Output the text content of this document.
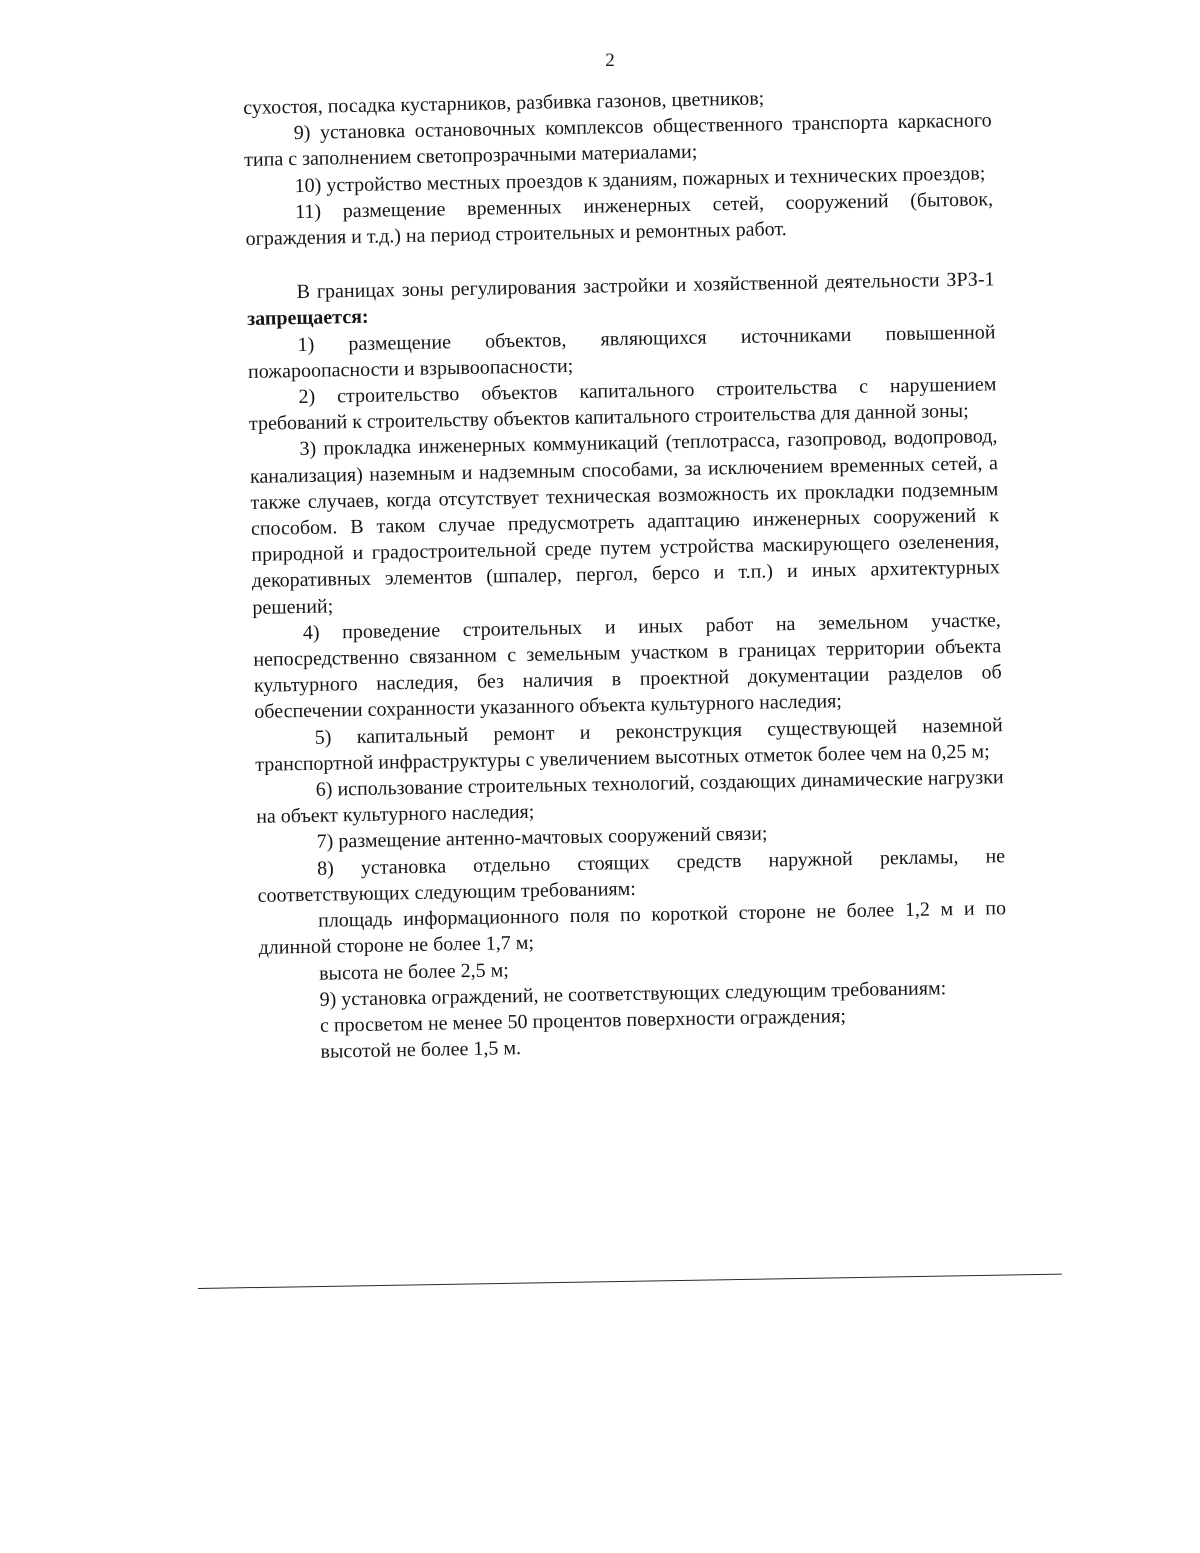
2

сухостоя, посадка кустарников, разбивка газонов, цветников;

9) установка остановочных комплексов общественного транспорта каркасного типа с заполнением светопрозрачными материалами;

10) устройство местных проездов к зданиям, пожарных и технических проездов;

11) размещение временных инженерных сетей, сооружений (бытовок, ограждения и т.д.) на период строительных и ремонтных работ.

В границах зоны регулирования застройки и хозяйственной деятельности ЗРЗ-1 запрещается:

1) размещение объектов, являющихся источниками повышенной пожароопасности и взрывоопасности;

2) строительство объектов капитального строительства с нарушением требований к строительству объектов капитального строительства для данной зоны;

3) прокладка инженерных коммуникаций (теплотрасса, газопровод, водопровод, канализация) наземным и надземным способами, за исключением временных сетей, а также случаев, когда отсутствует техническая возможность их прокладки подземным способом. В таком случае предусмотреть адаптацию инженерных сооружений к природной и градостроительной среде путем устройства маскирующего озеленения, декоративных элементов (шпалер, пергол, берсо и т.п.) и иных архитектурных решений;

4) проведение строительных и иных работ на земельном участке, непосредственно связанном с земельным участком в границах территории объекта культурного наследия, без наличия в проектной документации разделов об обеспечении сохранности указанного объекта культурного наследия;

5) капитальный ремонт и реконструкция существующей наземной транспортной инфраструктуры с увеличением высотных отметок более чем на 0,25 м;

6) использование строительных технологий, создающих динамические нагрузки на объект культурного наследия;

7) размещение антенно-мачтовых сооружений связи;

8) установка отдельно стоящих средств наружной рекламы, не соответствующих следующим требованиям:

площадь информационного поля по короткой стороне не более 1,2 м и по длинной стороне не более 1,7 м;

высота не более 2,5 м;

9) установка ограждений, не соответствующих следующим требованиям:

с просветом не менее 50 процентов поверхности ограждения;

высотой не более 1,5 м.
